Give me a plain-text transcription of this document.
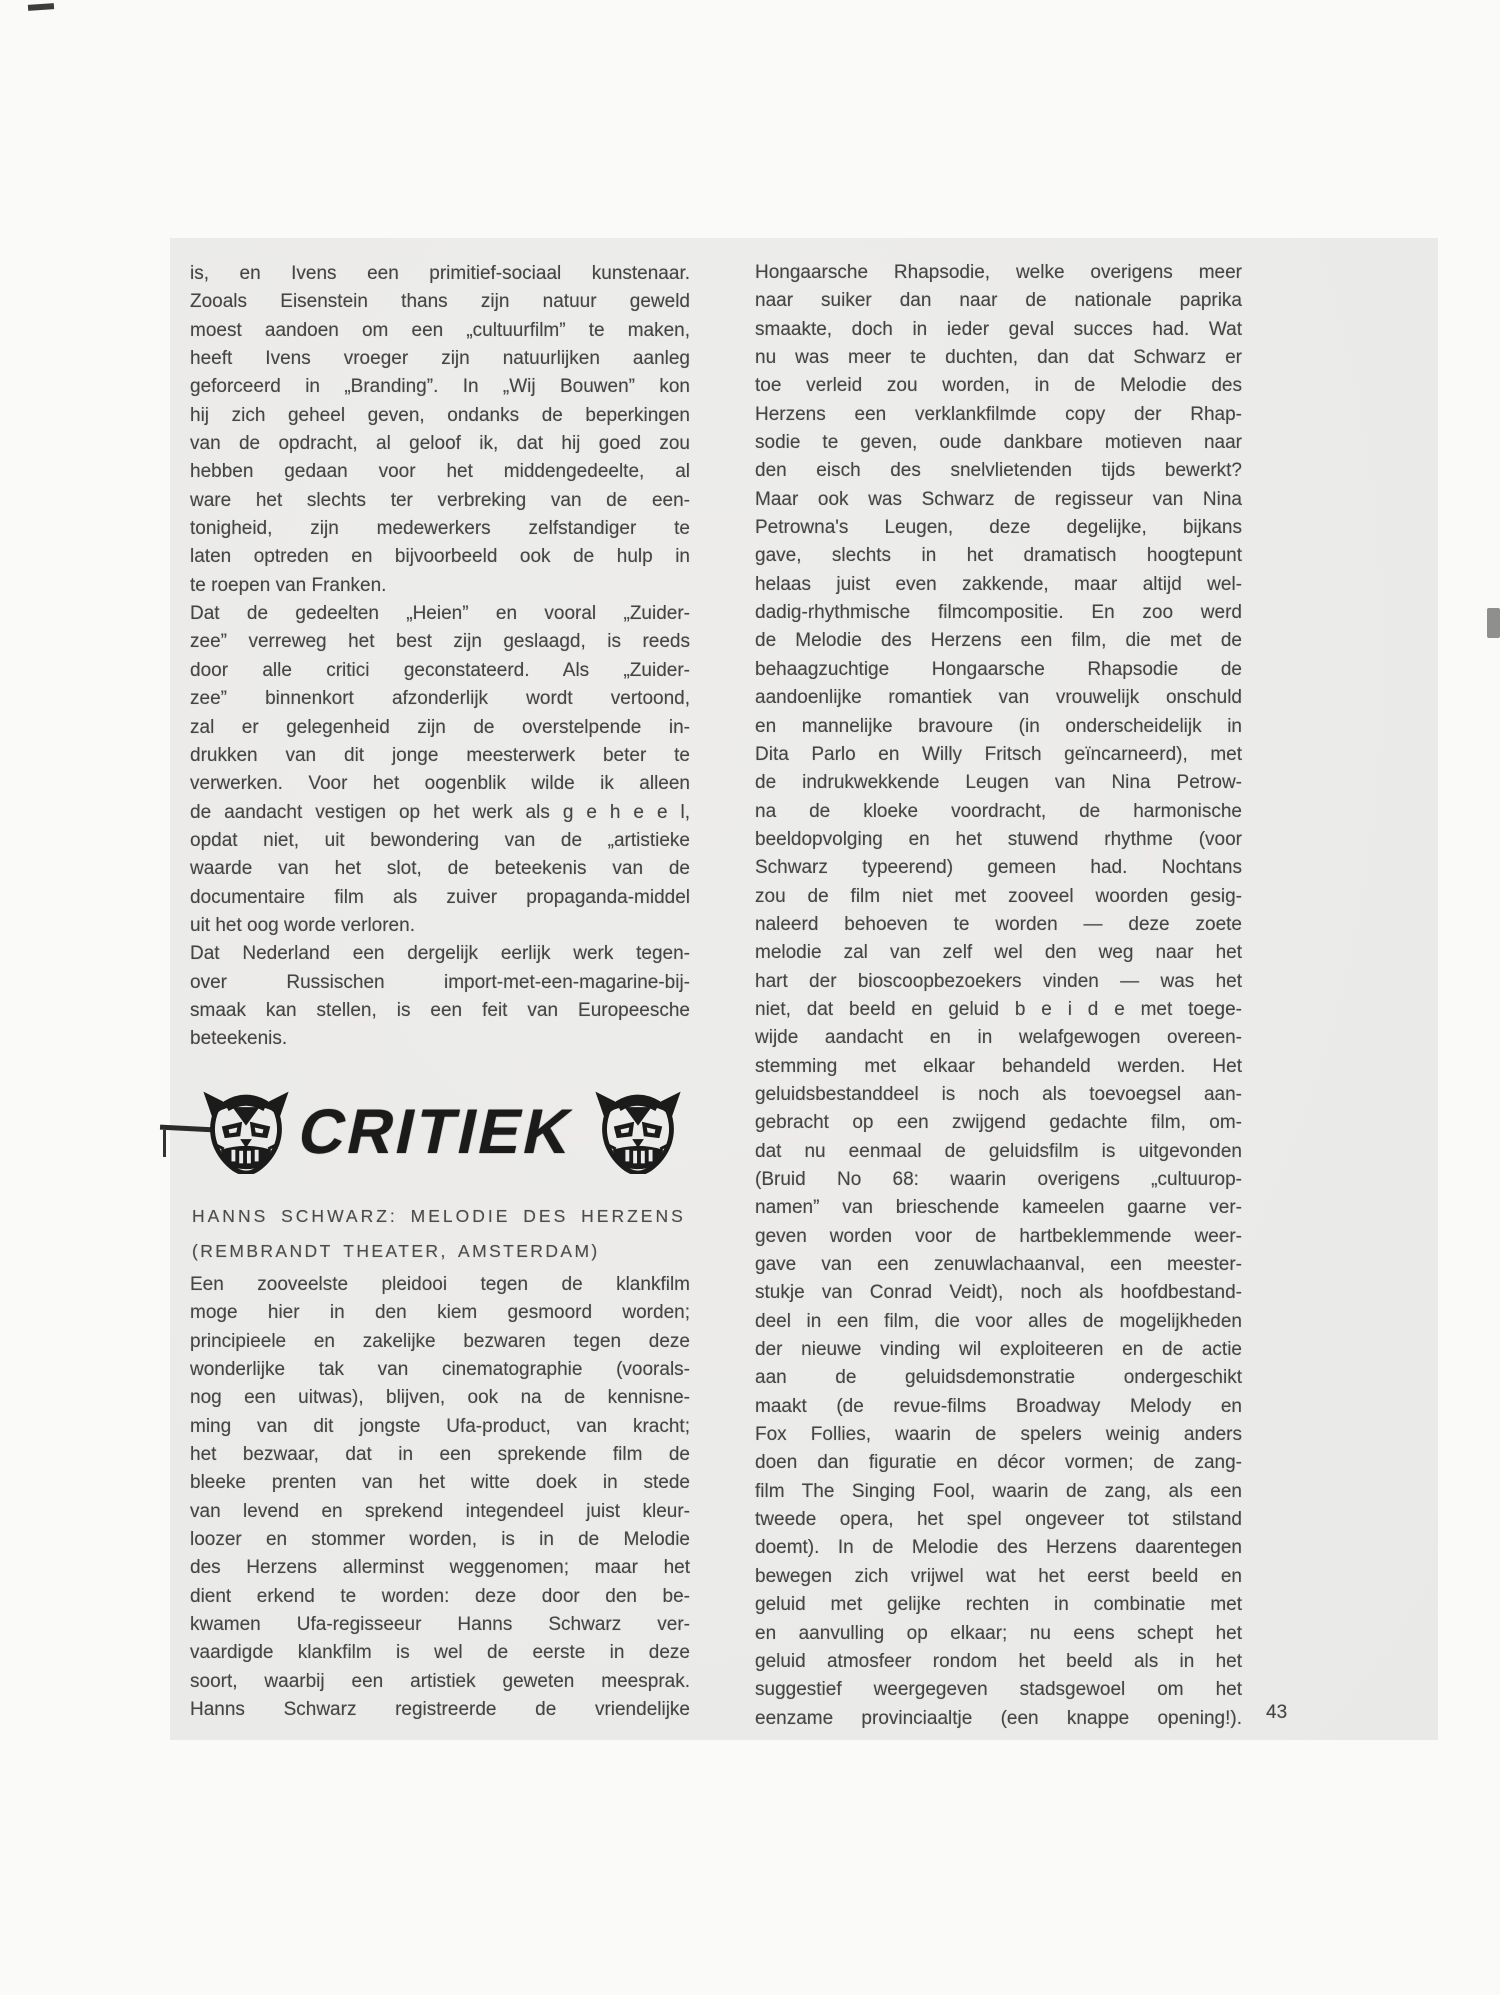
is, en Ivens een primitief-sociaal kunstenaar.
Zooals Eisenstein thans zijn natuur geweld
moest aandoen om een „cultuurfilm” te maken,
heeft Ivens vroeger zijn natuurlijken aanleg
geforceerd in „Branding”. In „Wij Bouwen” kon
hij zich geheel geven, ondanks de beperkingen
van de opdracht, al geloof ik, dat hij goed zou
hebben gedaan voor het middengedeelte, al
ware het slechts ter verbreking van de een-
tonigheid, zijn medewerkers zelfstandiger te
laten optreden en bijvoorbeeld ook de hulp in
te roepen van Franken.
Dat de gedeelten „Heien” en vooral „Zuider-
zee” verreweg het best zijn geslaagd, is reeds
door alle critici geconstateerd. Als „Zuider-
zee” binnenkort afzonderlijk wordt vertoond,
zal er gelegenheid zijn de overstelpende in-
drukken van dit jonge meesterwerk beter te
verwerken. Voor het oogenblik wilde ik alleen
de aandacht vestigen op het werk als g e h e e l,
opdat niet, uit bewondering van de „artistieke
waarde van het slot, de beteekenis van de
documentaire film als zuiver propaganda-middel
uit het oog worde verloren.
Dat Nederland een dergelijk eerlijk werk tegen-
over Russischen import-met-een-magarine-bij-
smaak kan stellen, is een feit van Europeesche
beteekenis.
CRITIEK
HANNS SCHWARZ: MELODIE DES HERZENS
(REMBRANDT THEATER, AMSTERDAM)
Een zooveelste pleidooi tegen de klankfilm
moge hier in den kiem gesmoord worden;
principieele en zakelijke bezwaren tegen deze
wonderlijke tak van cinematographie (voorals-
nog een uitwas), blijven, ook na de kennisne-
ming van dit jongste Ufa-product, van kracht;
het bezwaar, dat in een sprekende film de
bleeke prenten van het witte doek in stede
van levend en sprekend integendeel juist kleur-
loozer en stommer worden, is in de Melodie
des Herzens allerminst weggenomen; maar het
dient erkend te worden: deze door den be-
kwamen Ufa-regisseeur Hanns Schwarz ver-
vaardigde klankfilm is wel de eerste in deze
soort, waarbij een artistiek geweten meesprak.
Hanns Schwarz registreerde de vriendelijke
Hongaarsche Rhapsodie, welke overigens meer
naar suiker dan naar de nationale paprika
smaakte, doch in ieder geval succes had. Wat
nu was meer te duchten, dan dat Schwarz er
toe verleid zou worden, in de Melodie des
Herzens een verklankfilmde copy der Rhap-
sodie te geven, oude dankbare motieven naar
den eisch des snelvlietenden tijds bewerkt?
Maar ook was Schwarz de regisseur van Nina
Petrowna's Leugen, deze degelijke, bijkans
gave, slechts in het dramatisch hoogtepunt
helaas juist even zakkende, maar altijd wel-
dadig-rhythmische filmcompositie. En zoo werd
de Melodie des Herzens een film, die met de
behaagzuchtige Hongaarsche Rhapsodie de
aandoenlijke romantiek van vrouwelijk onschuld
en mannelijke bravoure (in onderscheidelijk in
Dita Parlo en Willy Fritsch geïncarneerd), met
de indrukwekkende Leugen van Nina Petrow-
na de kloeke voordracht, de harmonische
beeldopvolging en het stuwend rhythme (voor
Schwarz typeerend) gemeen had. Nochtans
zou de film niet met zooveel woorden gesig-
naleerd behoeven te worden — deze zoete
melodie zal van zelf wel den weg naar het
hart der bioscoopbezoekers vinden — was het
niet, dat beeld en geluid b e i d e met toege-
wijde aandacht en in welafgewogen overeen-
stemming met elkaar behandeld werden. Het
geluidsbestanddeel is noch als toevoegsel aan-
gebracht op een zwijgend gedachte film, om-
dat nu eenmaal de geluidsfilm is uitgevonden
(Bruid No 68: waarin overigens „cultuurop-
namen” van brieschende kameelen gaarne ver-
geven worden voor de hartbeklemmende weer-
gave van een zenuwlachaanval, een meester-
stukje van Conrad Veidt), noch als hoofdbestand-
deel in een film, die voor alles de mogelijkheden
der nieuwe vinding wil exploiteeren en de actie
aan de geluidsdemonstratie ondergeschikt
maakt (de revue-films Broadway Melody en
Fox Follies, waarin de spelers weinig anders
doen dan figuratie en décor vormen; de zang-
film The Singing Fool, waarin de zang, als een
tweede opera, het spel ongeveer tot stilstand
doemt). In de Melodie des Herzens daarentegen
bewegen zich vrijwel wat het eerst beeld en
geluid met gelijke rechten in combinatie met
en aanvulling op elkaar; nu eens schept het
geluid atmosfeer rondom het beeld als in het
suggestief weergegeven stadsgewoel om het
eenzame provinciaaltje (een knappe opening!). 43
